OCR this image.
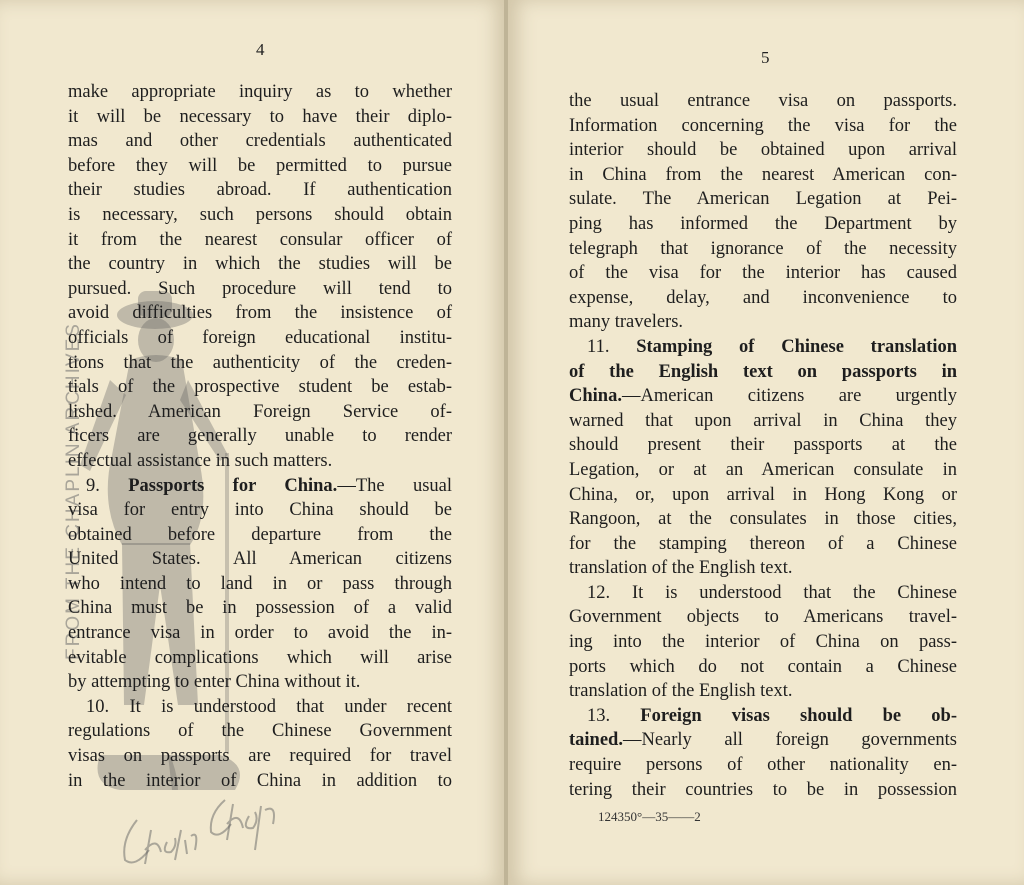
4
FROM THE CHAPLIN ARCHIVES
make appropriate inquiry as to whether
it will be necessary to have their diplo-
mas and other credentials authenticated
before they will be permitted to pursue
their studies abroad. If authentication
is necessary, such persons should obtain
it from the nearest consular officer of
the country in which the studies will be
pursued. Such procedure will tend to
avoid difficulties from the insistence of
officials of foreign educational institu-
tions that the authenticity of the creden-
tials of the prospective student be estab-
lished. American Foreign Service of-
ficers are generally unable to render
effectual assistance in such matters.
9. Passports for China.—The usual
visa for entry into China should be
obtained before departure from the
United States. All American citizens
who intend to land in or pass through
China must be in possession of a valid
entrance visa in order to avoid the in-
evitable complications which will arise
by attempting to enter China without it.
10. It is understood that under recent
regulations of the Chinese Government
visas on passports are required for travel
in the interior of China in addition to
5
the usual entrance visa on passports.
Information concerning the visa for the
interior should be obtained upon arrival
in China from the nearest American con-
sulate. The American Legation at Pei-
ping has informed the Department by
telegraph that ignorance of the necessity
of the visa for the interior has caused
expense, delay, and inconvenience to
many travelers.
11. Stamping of Chinese translation
of the English text on passports in
China.—American citizens are urgently
warned that upon arrival in China they
should present their passports at the
Legation, or at an American consulate in
China, or, upon arrival in Hong Kong or
Rangoon, at the consulates in those cities,
for the stamping thereon of a Chinese
translation of the English text.
12. It is understood that the Chinese
Government objects to Americans travel-
ing into the interior of China on pass-
ports which do not contain a Chinese
translation of the English text.
13. Foreign visas should be ob-
tained.—Nearly all foreign governments
require persons of other nationality en-
tering their countries to be in possession
124350°—35——2
